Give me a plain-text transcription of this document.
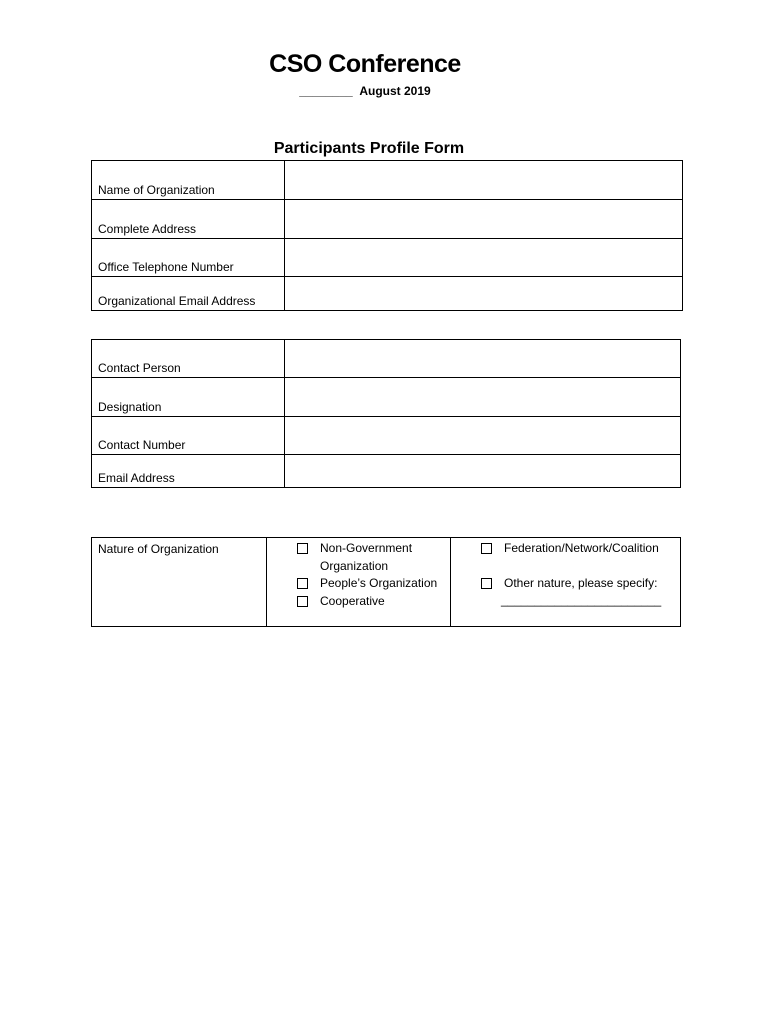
CSO Conference
________ August 2019
Participants Profile Form
Name of Organization
Complete Address
Office Telephone Number
Organizational Email Address
Contact Person
Designation
Contact Number
Email Address
Nature of Organization	Non-Government Organization
People’s Organization
Cooperative
Federation/Network/Coalition
Other nature, please specify:
________________________
